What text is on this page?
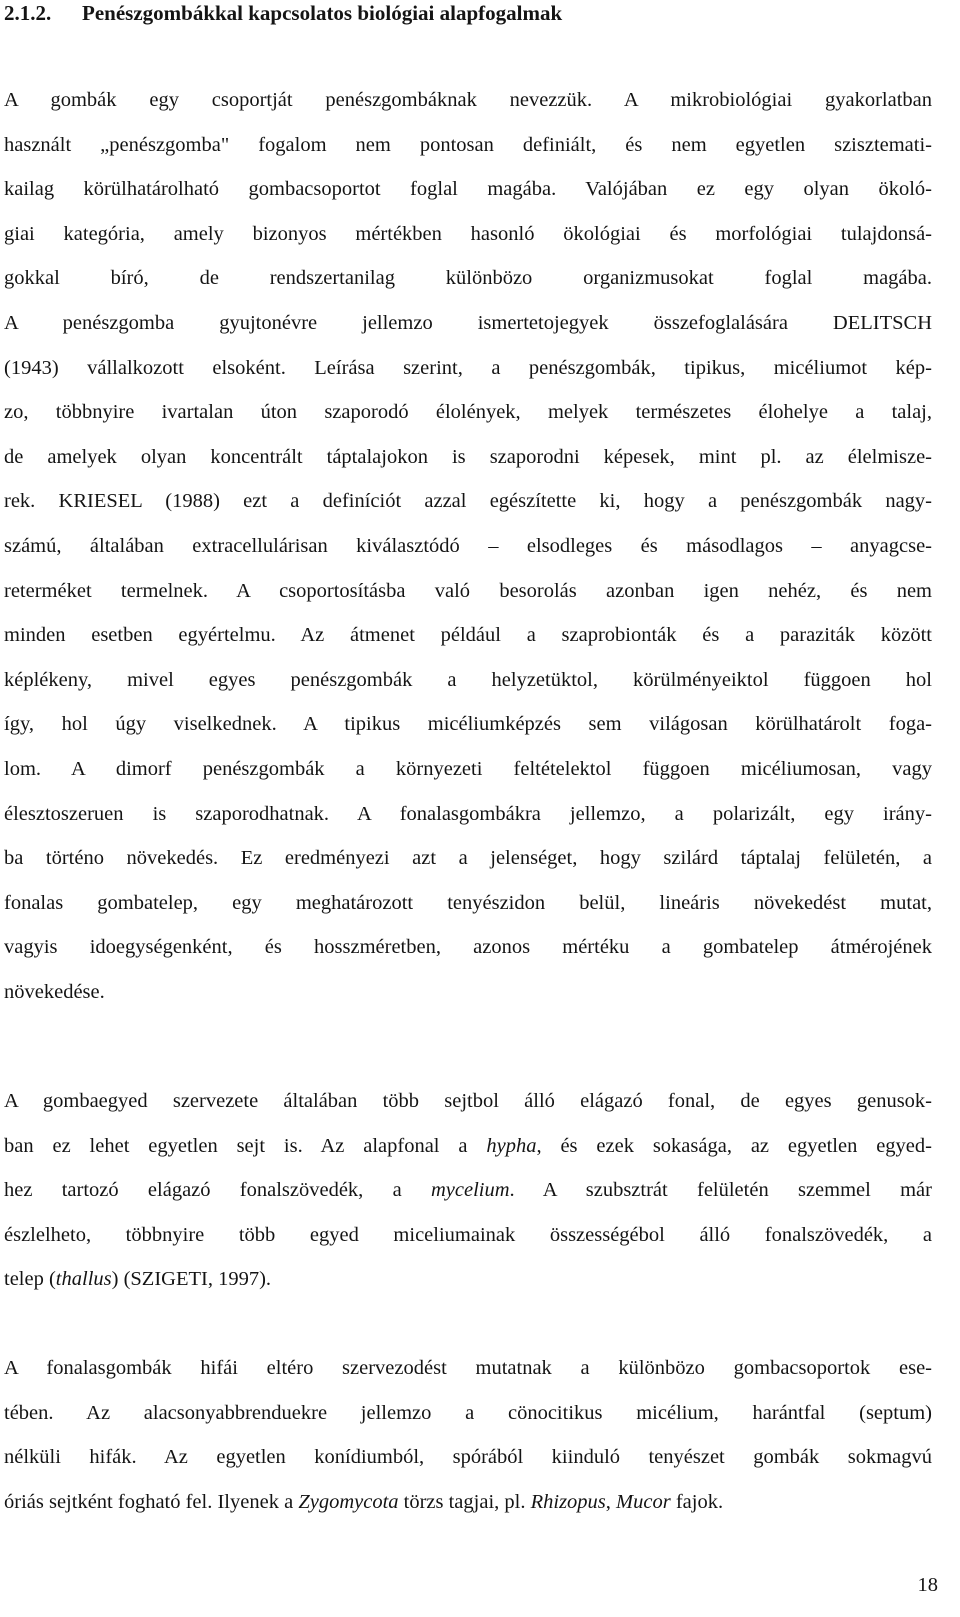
2.1.2. Penészgombákkal kapcsolatos biológiai alapfogalmak
A gombák egy csoportját penészgombáknak nevezzük. A mikrobiológiai gyakorlatban
használt „penészgomba" fogalom nem pontosan definiált, és nem egyetlen szisztemati-
kailag körülhatárolható gombacsoportot foglal magába. Valójában ez egy olyan ökoló-
giai kategória, amely bizonyos mértékben hasonló ökológiai és morfológiai tulajdonsá-
gokkal bíró, de rendszertanilag különbözo organizmusokat foglal magába.
A penészgomba gyujtonévre jellemzo ismertetojegyek összefoglalására DELITSCH
(1943) vállalkozott elsoként. Leírása szerint, a penészgombák, tipikus, micéliumot kép-
zo, többnyire ivartalan úton szaporodó élolények, melyek természetes élohelye a talaj,
de amelyek olyan koncentrált táptalajokon is szaporodni képesek, mint pl. az élelmisze-
rek. KRIESEL (1988) ezt a definíciót azzal egészítette ki, hogy a penészgombák nagy-
számú, általában extracellulárisan kiválasztódó – elsodleges és másodlagos – anyagcse-
reterméket termelnek. A csoportosításba való besorolás azonban igen nehéz, és nem
minden esetben egyértelmu. Az átmenet például a szaprobionták és a paraziták között
képlékeny, mivel egyes penészgombák a helyzetüktol, körülményeiktol függoen hol
így, hol úgy viselkednek. A tipikus micéliumképzés sem világosan körülhatárolt foga-
lom. A dimorf penészgombák a környezeti feltételektol függoen micéliumosan, vagy
élesztoszeruen is szaporodhatnak. A fonalasgombákra jellemzo, a polarizált, egy irány-
ba történo növekedés. Ez eredményezi azt a jelenséget, hogy szilárd táptalaj felületén, a
fonalas gombatelep, egy meghatározott tenyészidon belül, lineáris növekedést mutat,
vagyis idoegységenként, és hosszméretben, azonos mértéku a gombatelep átmérojének
növekedése.
A gombaegyed szervezete általában több sejtbol álló elágazó fonal, de egyes genusok-
ban ez lehet egyetlen sejt is. Az alapfonal a hypha, és ezek sokasága, az egyetlen egyed-
hez tartozó elágazó fonalszövedék, a mycelium. A szubsztrát felületén szemmel már
észlelheto, többnyire több egyed miceliumainak összességébol álló fonalszövedék, a
telep (thallus) (SZIGETI, 1997).
A fonalasgombák hifái eltéro szervezodést mutatnak a különbözo gombacsoportok ese-
tében. Az alacsonyabbrenduekre jellemzo a cönocitikus micélium, harántfal (septum)
nélküli hifák. Az egyetlen konídiumból, spórából kiinduló tenyészet gombák sokmagvú
óriás sejtként fogható fel. Ilyenek a Zygomycota törzs tagjai, pl. Rhizopus, Mucor fajok.
18
